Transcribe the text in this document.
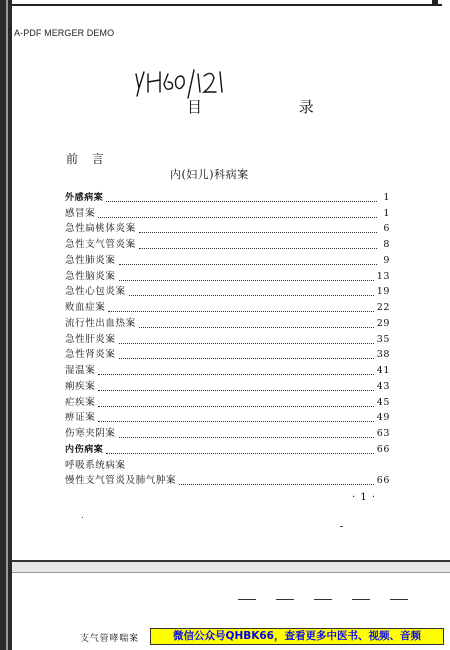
A-PDF MERGER DEMO
目 录
前 言
内(妇儿)科病案
外感病案	1
感冒案	1
急性扁桃体炎案	6
急性支气管炎案	8
急性肺炎案	9
急性脑炎案	13
急性心包炎案	19
败血症案	22
流行性出血热案	29
急性肝炎案	35
急性肾炎案	38
湿温案	41
痢疾案	43
疟疾案	45
痹证案	49
伤寒夹阴案	63
内伤病案	66
呼吸系统病案
慢性支气管炎及肺气肿案	66
· 1 ·
支气管哮喘案	微信公众号QHBK66，查看更多中医书、视频、音频
